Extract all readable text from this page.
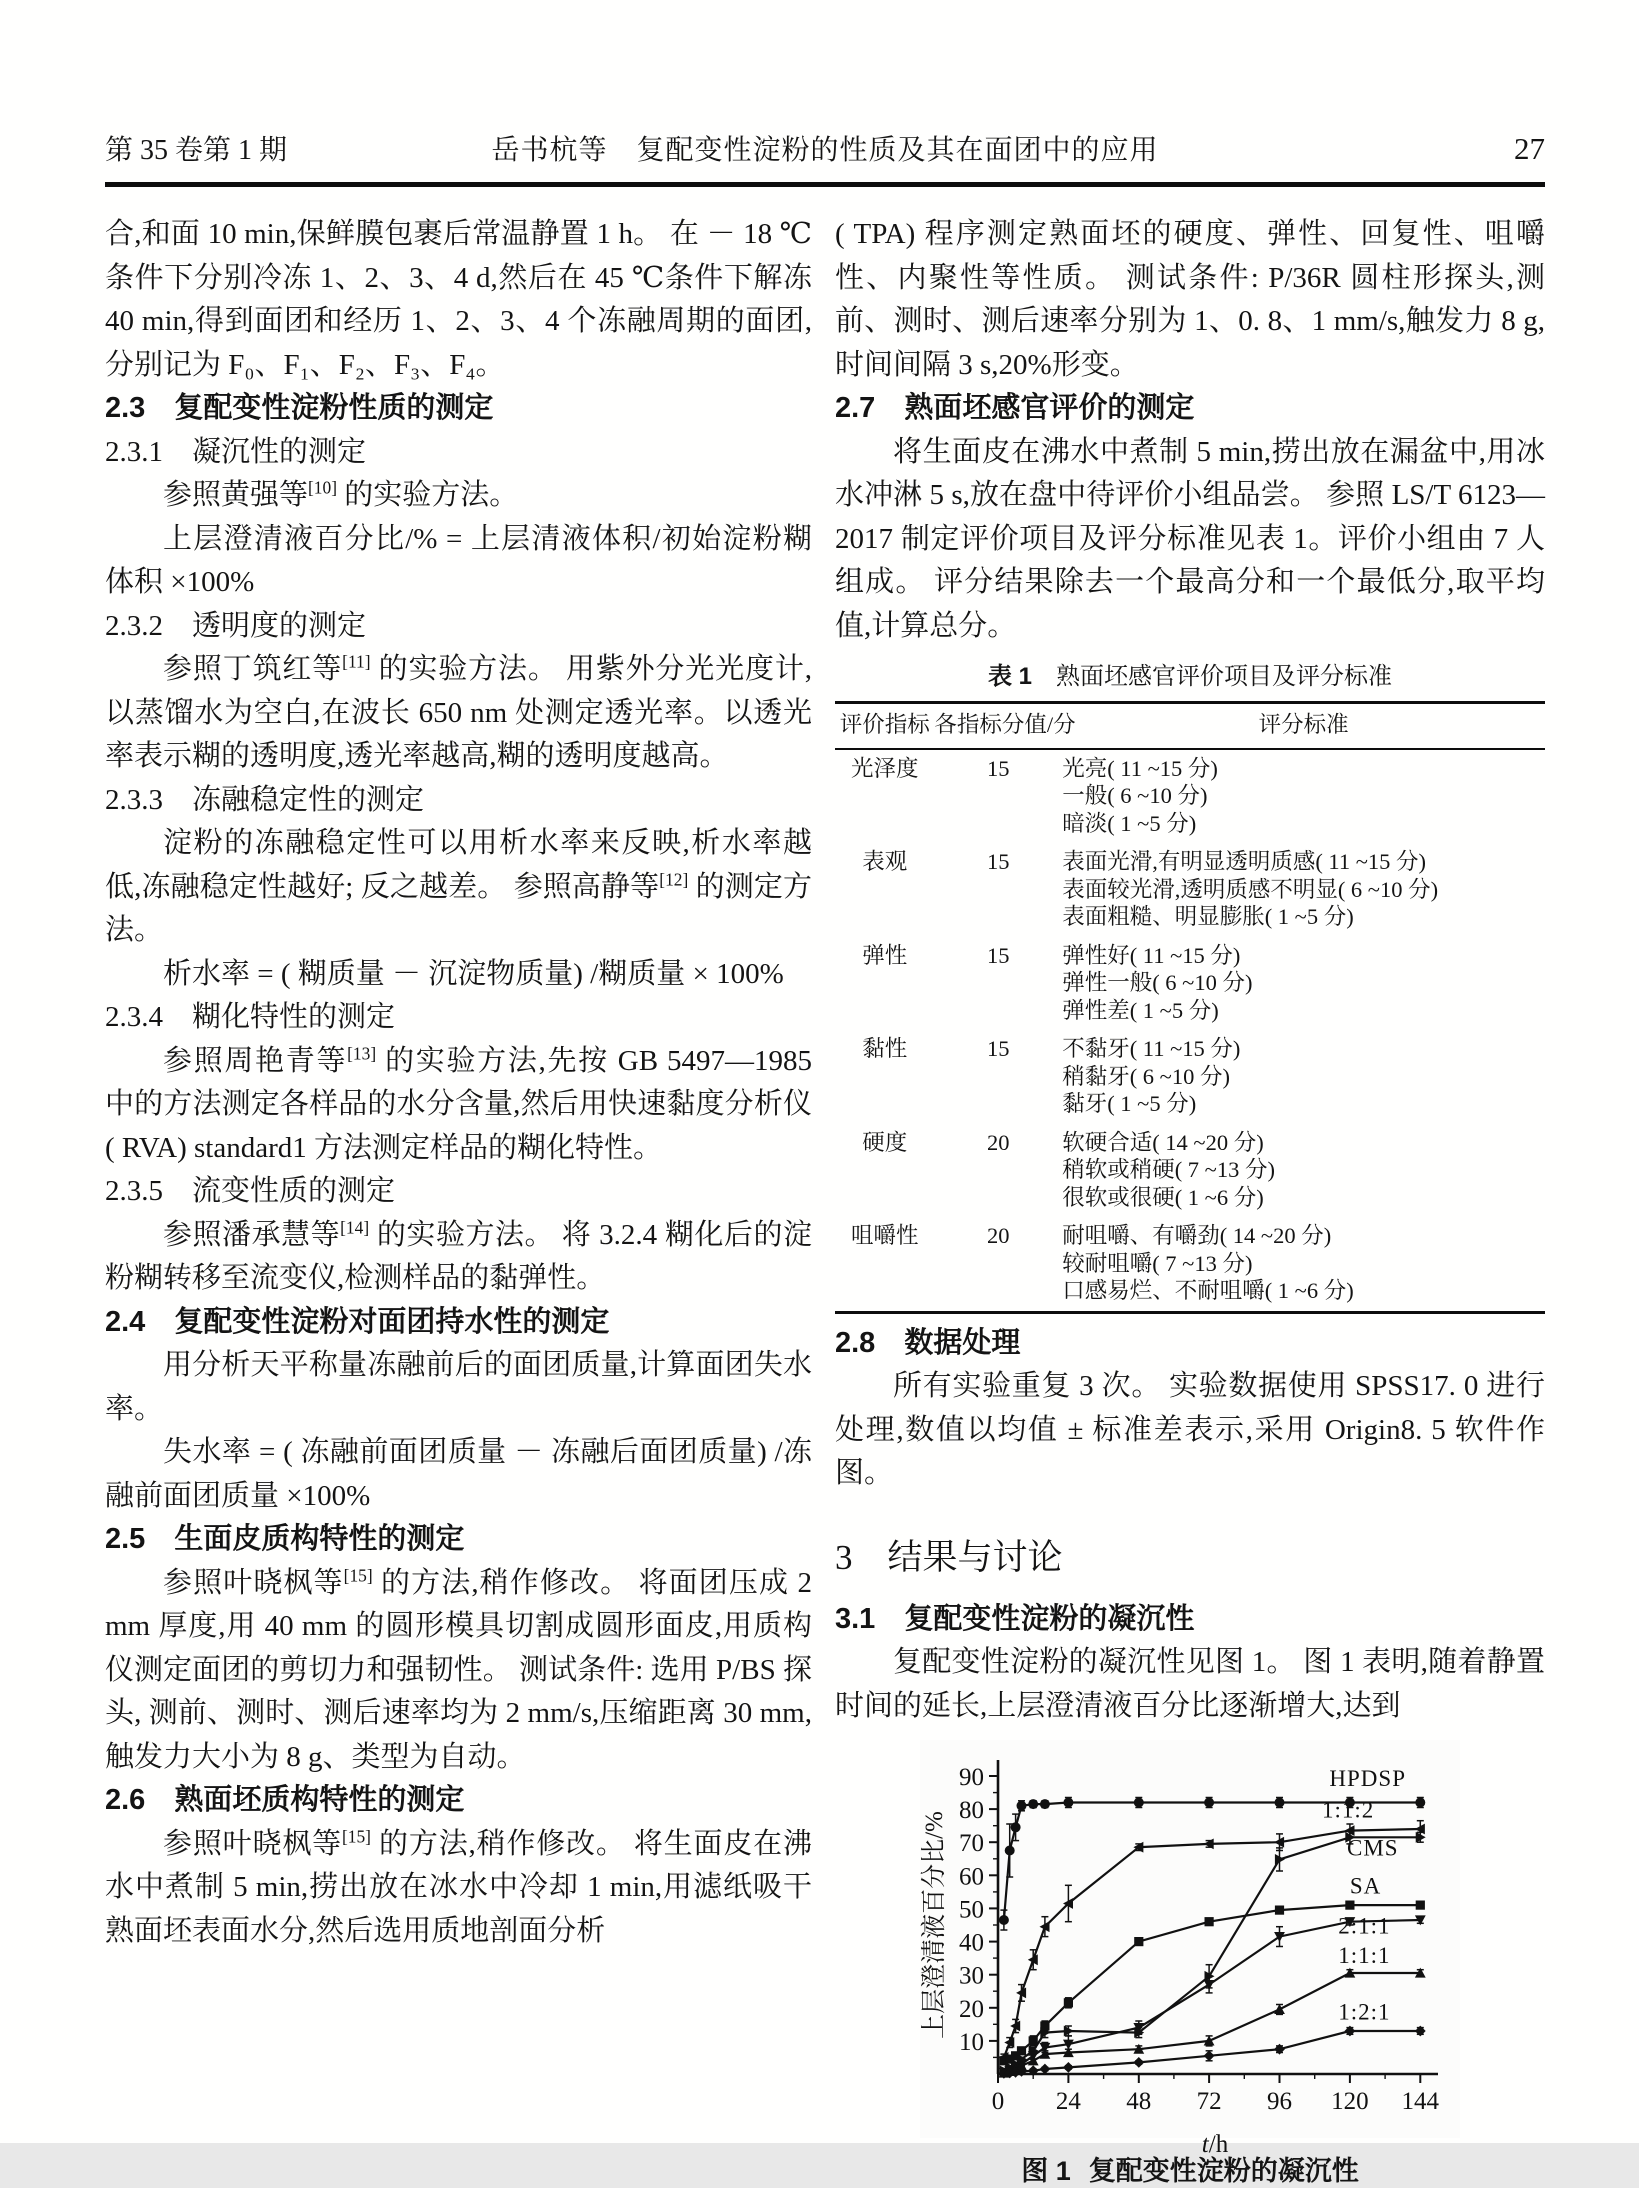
第 35 卷第 1 期	岳书杭等　复配变性淀粉的性质及其在面团中的应用	27
合,和面 10 min,保鲜膜包裹后常温静置 1 h。 在 － 18 ℃条件下分别冷冻 1、2、3、4 d,然后在 45 ℃条件下解冻 40 min,得到面团和经历 1、2、3、4 个冻融周期的面团,分别记为 F₀、F₁、F₂、F₃、F₄。
2.3　复配变性淀粉性质的测定
2.3.1　凝沉性的测定
参照黄强等[10] 的实验方法。
上层澄清液百分比/% = 上层清液体积/初始淀粉糊体积 ×100%
2.3.2　透明度的测定
参照丁筑红等[11] 的实验方法。 用紫外分光光度计,以蒸馏水为空白,在波长 650 nm 处测定透光率。以透光率表示糊的透明度,透光率越高,糊的透明度越高。
2.3.3　冻融稳定性的测定
淀粉的冻融稳定性可以用析水率来反映,析水率越低,冻融稳定性越好; 反之越差。 参照高静等[12] 的测定方法。
析水率 = ( 糊质量 － 沉淀物质量) /糊质量 × 100%
2.3.4　糊化特性的测定
参照周艳青等[13] 的实验方法,先按 GB 5497—1985 中的方法测定各样品的水分含量,然后用快速黏度分析仪( RVA) standard1 方法测定样品的糊化特性。
2.3.5　流变性质的测定
参照潘承慧等[14] 的实验方法。 将 3.2.4 糊化后的淀粉糊转移至流变仪,检测样品的黏弹性。
2.4　复配变性淀粉对面团持水性的测定
用分析天平称量冻融前后的面团质量,计算面团失水率。
失水率 = ( 冻融前面团质量 － 冻融后面团质量) /冻融前面团质量 ×100%
2.5　生面皮质构特性的测定
参照叶晓枫等[15] 的方法,稍作修改。 将面团压成 2 mm 厚度,用 40 mm 的圆形模具切割成圆形面皮,用质构仪测定面团的剪切力和强韧性。 测试条件: 选用 P/BS 探头, 测前、测时、测后速率均为 2 mm/s,压缩距离 30 mm,触发力大小为 8 g、类型为自动。
2.6　熟面坯质构特性的测定
参照叶晓枫等[15] 的方法,稍作修改。 将生面皮在沸水中煮制 5 min,捞出放在冰水中冷却 1 min,用滤纸吸干熟面坯表面水分,然后选用质地剖面分析
( TPA) 程序测定熟面坯的硬度、弹性、回复性、咀嚼性、内聚性等性质。 测试条件: P/36R 圆柱形探头,测前、测时、测后速率分别为 1、0. 8、1 mm/s,触发力 8 g,时间间隔 3 s,20%形变。
2.7　熟面坯感官评价的测定
将生面皮在沸水中煮制 5 min,捞出放在漏盆中,用冰水冲淋 5 s,放在盘中待评价小组品尝。 参照 LS/T 6123—2017 制定评价项目及评分标准见表 1。评价小组由 7 人组成。 评分结果除去一个最高分和一个最低分,取平均值,计算总分。
表 1　熟面坯感官评价项目及评分标准
评价指标	各指标分值/分	评分标准
光泽度	15	光亮( 11 ~15 分)
一般( 6 ~10 分)
暗淡( 1 ~5 分)

表观	15	表面光滑,有明显透明质感( 11 ~15 分)
表面较光滑,透明质感不明显( 6 ~10 分)
表面粗糙、明显膨胀( 1 ~5 分)

弹性	15	弹性好( 11 ~15 分)
弹性一般( 6 ~10 分)
弹性差( 1 ~5 分)

黏性	15	不黏牙( 11 ~15 分)
稍黏牙( 6 ~10 分)
黏牙( 1 ~5 分)

硬度	20	软硬合适( 14 ~20 分)
稍软或稍硬( 7 ~13 分)
很软或很硬( 1 ~6 分)

咀嚼性	20	耐咀嚼、有嚼劲( 14 ~20 分)
较耐咀嚼( 7 ~13 分)
口感易烂、不耐咀嚼( 1 ~6 分)
2.8　数据处理
所有实验重复 3 次。 实验数据使用 SPSS17. 0 进行处理,数值以均值 ± 标准差表示,采用 Origin8. 5 软件作图。
3　结果与讨论
3.1　复配变性淀粉的凝沉性
复配变性淀粉的凝沉性见图 1。 图 1 表明,随着静置时间的延长,上层澄清液百分比逐渐增大,达到
0 24 48 72 96 120 144
10
20
30
40
50
60
70
80
90
上层澄清液百分比/%
t/h
HPDSP
1:1:2
CMS
SA
2:1:1
1:1:1
1:2:1
图 1 复配变性淀粉的凝沉性
